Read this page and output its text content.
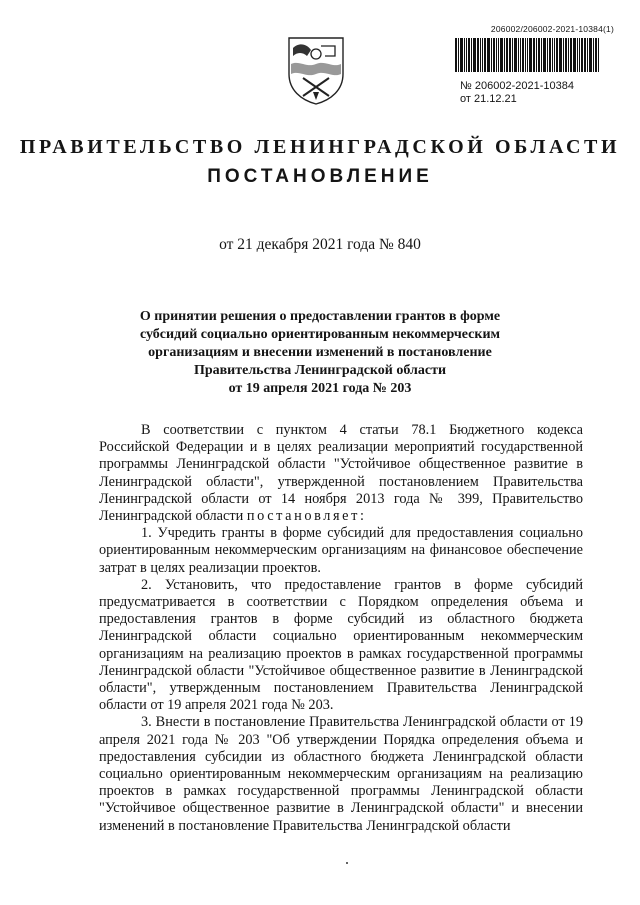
206002/206002-2021-10384(1)
№ 206002-2021-10384
от 21.12.21
ПРАВИТЕЛЬСТВО ЛЕНИНГРАДСКОЙ ОБЛАСТИ
ПОСТАНОВЛЕНИЕ
от 21 декабря 2021 года № 840
О принятии решения о предоставлении грантов в форме
субсидий социально ориентированным некоммерческим
организациям и внесении изменений в постановление
Правительства Ленинградской области
от 19 апреля 2021 года № 203

В соответствии с пунктом 4 статьи 78.1 Бюджетного кодекса Российской Федерации и в целях реализации мероприятий государственной программы Ленинградской области "Устойчивое общественное развитие в Ленинградской области", утвержденной постановлением Правительства Ленинградской области от 14 ноября 2013 года № 399, Правительство Ленинградской области постановляет:

1. Учредить гранты в форме субсидий для предоставления социально ориентированным некоммерческим организациям на финансовое обеспечение затрат в целях реализации проектов.

2. Установить, что предоставление грантов в форме субсидий предусматривается в соответствии с Порядком определения объема и предоставления грантов в форме субсидий из областного бюджета Ленинградской области социально ориентированным некоммерческим организациям на реализацию проектов в рамках государственной программы Ленинградской области "Устойчивое общественное развитие в Ленинградской области", утвержденным постановлением Правительства Ленинградской области от 19 апреля 2021 года № 203.

3. Внести в постановление Правительства Ленинградской области от 19 апреля 2021 года № 203 "Об утверждении Порядка определения объема и предоставления субсидии из областного бюджета Ленинградской области социально ориентированным некоммерческим организациям на реализацию проектов в рамках государственной программы Ленинградской области "Устойчивое общественное развитие в Ленинградской области" и внесении изменений в постановление Правительства Ленинградской области
